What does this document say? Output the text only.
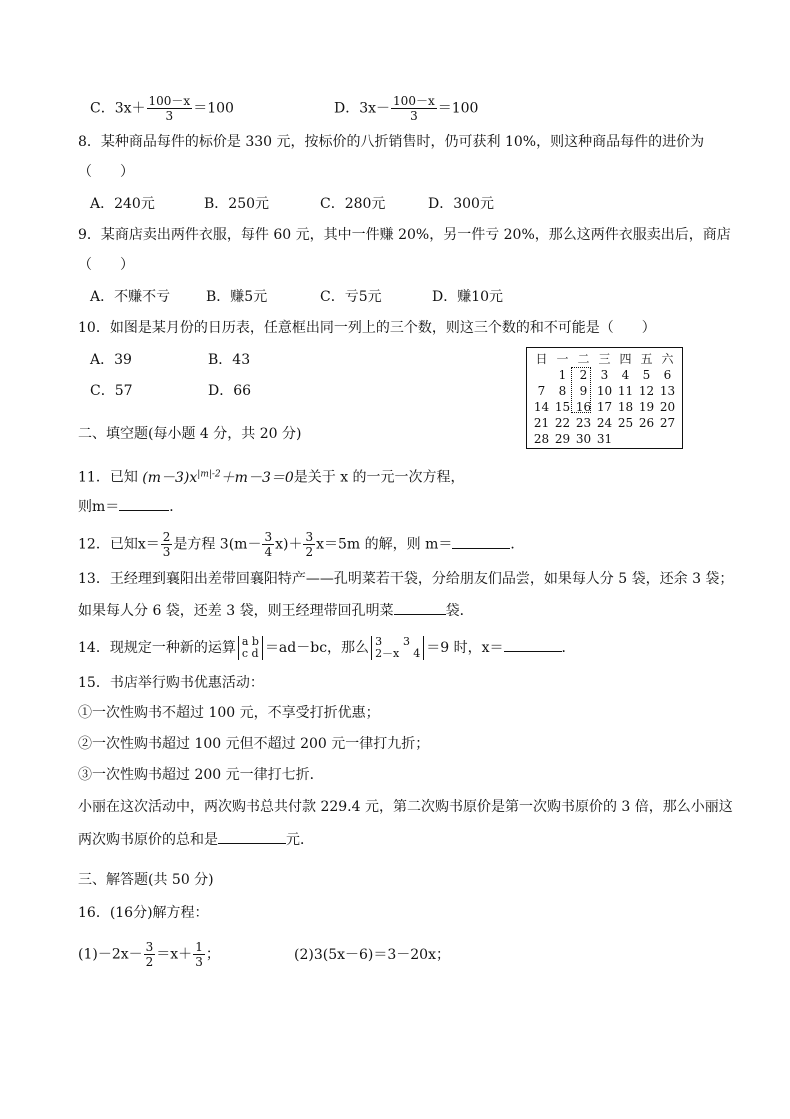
C．$3x+ \frac{100-x}{3} =100$	D．$3x- \frac{100-x}{3} =100$
8．某种商品每件的标价是 330 元，按标价的八折销售时，仍可获利 10%，则这种商品每件的进价为
（　　）
A．240元	B．250元	C．280元	D．300元
9．某商店卖出两件衣服，每件 60 元，其中一件赚 20%，另一件亏 20%，那么这两件衣服卖出后，商店
（　　）
A．不赚不亏	B．赚5元	C．亏5元	D．赚10元
10．如图是某月份的日历表，任意框出同一列上的三个数，则这三个数的和不可能是（　　）
A．39	B．43
C．57	D．66
日	一	二	三	四	五	六
	1	2	3	4	5	6
7	8	9	10	11	12	13
14	15	16	17	18	19	20
21	22	23	24	25	26	27
28	29	30	31			
二、填空题(每小题 4 分，共 20 分)
11．已知 $(m-3)x^{|m|-2}+m-3=0$是关于 x 的一元一次方程，
则m＝	．
12．已知$x= \frac{2}{3}$ 是方程 $3(m- \frac{3}{4} x)+ \frac{3}{2} x=5m$ 的解，则 m＝	．
13．王经理到襄阳出差带回襄阳特产——孔明菜若干袋，分给朋友们品尝，如果每人分 5 袋，还余 3 袋；
如果每人分 6 袋，还差 3 袋，则王经理带回孔明菜	袋．
14．现规定一种新的运算 a b
c d ＝ad－bc，那么 3      3
2－x    4 ＝9 时，x＝	．
15．书店举行购书优惠活动：
①一次性购书不超过 100 元，不享受打折优惠；
②一次性购书超过 100 元但不超过 200 元一律打九折；
③一次性购书超过 200 元一律打七折．
小丽在这次活动中，两次购书总共付款 229.4 元，第二次购书原价是第一次购书原价的 3 倍，那么小丽这
两次购书原价的总和是	元．
三、解答题(共 50 分)
16．(16分)解方程：
$(1)-2x- \frac{3}{2} =x+ \frac{1}{3}$ ；	(2)3(5x－6)＝3－20x；
